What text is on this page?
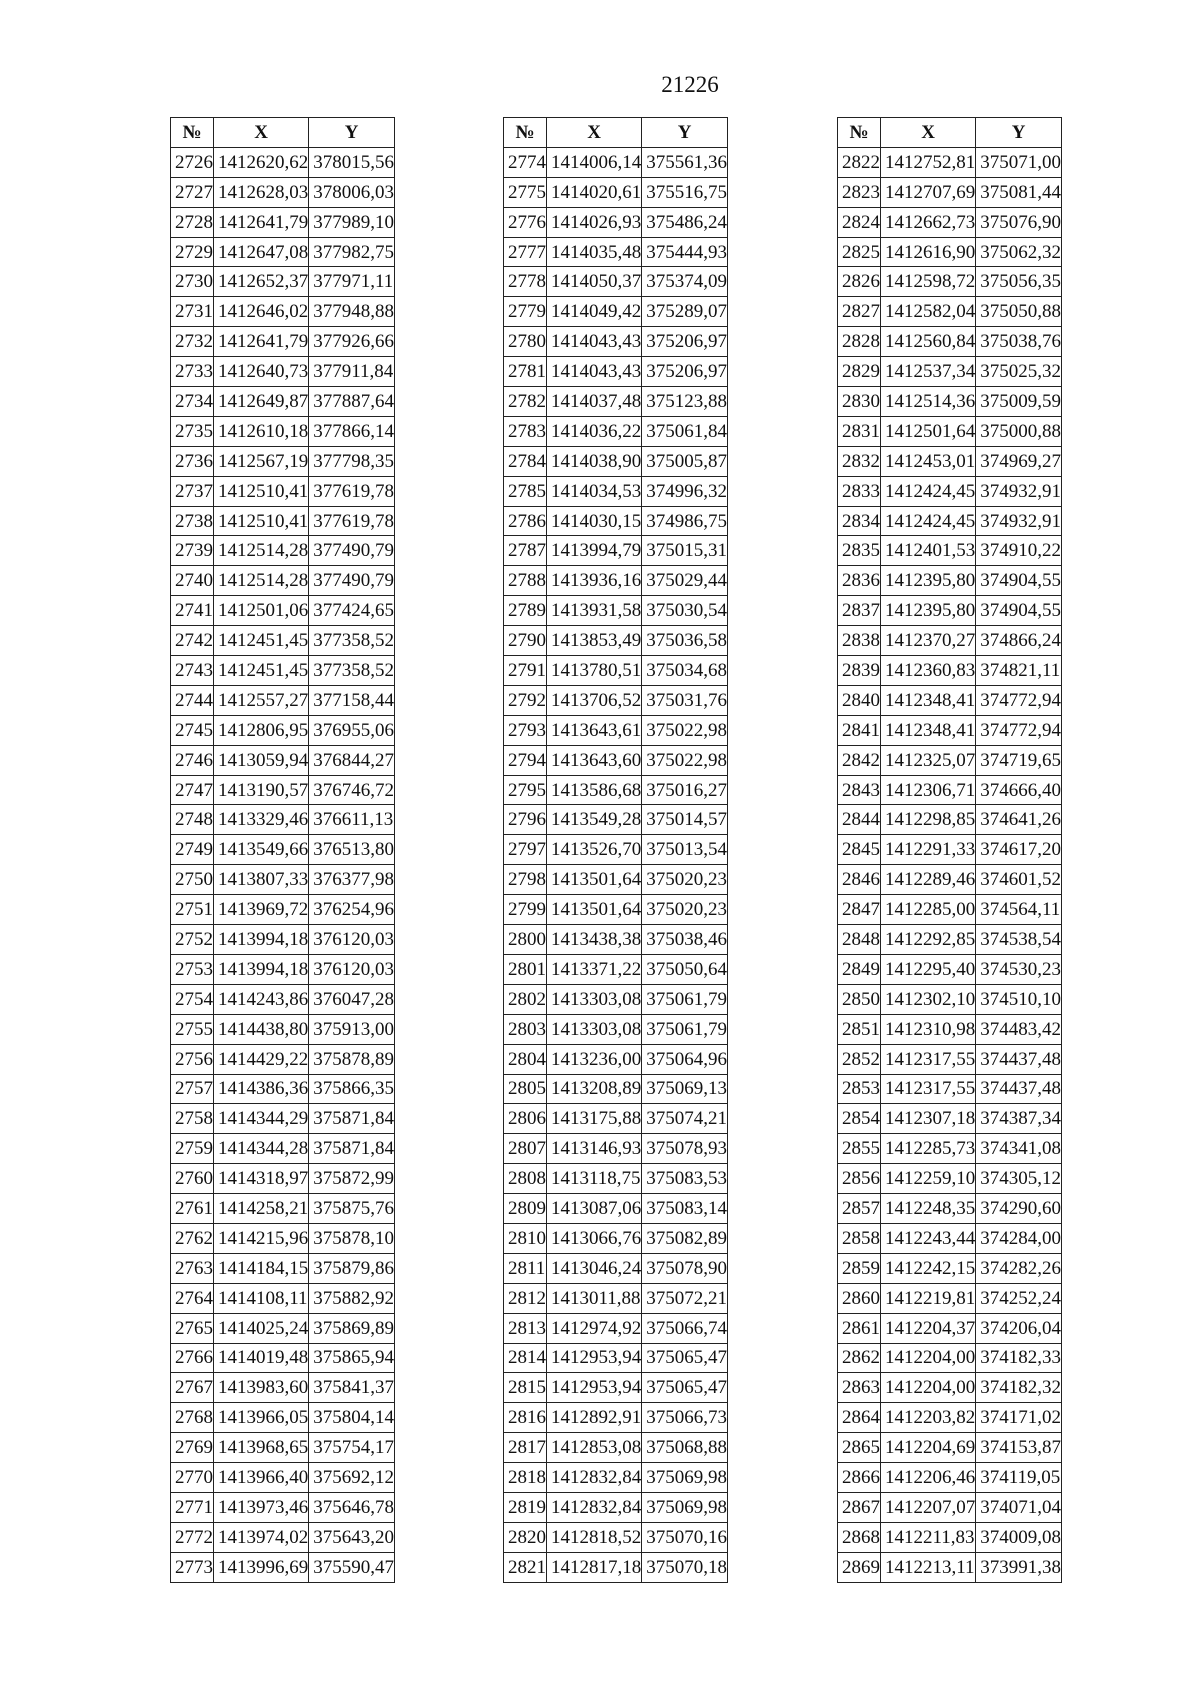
21226
№	X	Y
2726	1412620,62	378015,56
2727	1412628,03	378006,03
2728	1412641,79	377989,10
2729	1412647,08	377982,75
2730	1412652,37	377971,11
2731	1412646,02	377948,88
2732	1412641,79	377926,66
2733	1412640,73	377911,84
2734	1412649,87	377887,64
2735	1412610,18	377866,14
2736	1412567,19	377798,35
2737	1412510,41	377619,78
2738	1412510,41	377619,78
2739	1412514,28	377490,79
2740	1412514,28	377490,79
2741	1412501,06	377424,65
2742	1412451,45	377358,52
2743	1412451,45	377358,52
2744	1412557,27	377158,44
2745	1412806,95	376955,06
2746	1413059,94	376844,27
2747	1413190,57	376746,72
2748	1413329,46	376611,13
2749	1413549,66	376513,80
2750	1413807,33	376377,98
2751	1413969,72	376254,96
2752	1413994,18	376120,03
2753	1413994,18	376120,03
2754	1414243,86	376047,28
2755	1414438,80	375913,00
2756	1414429,22	375878,89
2757	1414386,36	375866,35
2758	1414344,29	375871,84
2759	1414344,28	375871,84
2760	1414318,97	375872,99
2761	1414258,21	375875,76
2762	1414215,96	375878,10
2763	1414184,15	375879,86
2764	1414108,11	375882,92
2765	1414025,24	375869,89
2766	1414019,48	375865,94
2767	1413983,60	375841,37
2768	1413966,05	375804,14
2769	1413968,65	375754,17
2770	1413966,40	375692,12
2771	1413973,46	375646,78
2772	1413974,02	375643,20
2773	1413996,69	375590,47
№	X	Y
2774	1414006,14	375561,36
2775	1414020,61	375516,75
2776	1414026,93	375486,24
2777	1414035,48	375444,93
2778	1414050,37	375374,09
2779	1414049,42	375289,07
2780	1414043,43	375206,97
2781	1414043,43	375206,97
2782	1414037,48	375123,88
2783	1414036,22	375061,84
2784	1414038,90	375005,87
2785	1414034,53	374996,32
2786	1414030,15	374986,75
2787	1413994,79	375015,31
2788	1413936,16	375029,44
2789	1413931,58	375030,54
2790	1413853,49	375036,58
2791	1413780,51	375034,68
2792	1413706,52	375031,76
2793	1413643,61	375022,98
2794	1413643,60	375022,98
2795	1413586,68	375016,27
2796	1413549,28	375014,57
2797	1413526,70	375013,54
2798	1413501,64	375020,23
2799	1413501,64	375020,23
2800	1413438,38	375038,46
2801	1413371,22	375050,64
2802	1413303,08	375061,79
2803	1413303,08	375061,79
2804	1413236,00	375064,96
2805	1413208,89	375069,13
2806	1413175,88	375074,21
2807	1413146,93	375078,93
2808	1413118,75	375083,53
2809	1413087,06	375083,14
2810	1413066,76	375082,89
2811	1413046,24	375078,90
2812	1413011,88	375072,21
2813	1412974,92	375066,74
2814	1412953,94	375065,47
2815	1412953,94	375065,47
2816	1412892,91	375066,73
2817	1412853,08	375068,88
2818	1412832,84	375069,98
2819	1412832,84	375069,98
2820	1412818,52	375070,16
2821	1412817,18	375070,18
№	X	Y
2822	1412752,81	375071,00
2823	1412707,69	375081,44
2824	1412662,73	375076,90
2825	1412616,90	375062,32
2826	1412598,72	375056,35
2827	1412582,04	375050,88
2828	1412560,84	375038,76
2829	1412537,34	375025,32
2830	1412514,36	375009,59
2831	1412501,64	375000,88
2832	1412453,01	374969,27
2833	1412424,45	374932,91
2834	1412424,45	374932,91
2835	1412401,53	374910,22
2836	1412395,80	374904,55
2837	1412395,80	374904,55
2838	1412370,27	374866,24
2839	1412360,83	374821,11
2840	1412348,41	374772,94
2841	1412348,41	374772,94
2842	1412325,07	374719,65
2843	1412306,71	374666,40
2844	1412298,85	374641,26
2845	1412291,33	374617,20
2846	1412289,46	374601,52
2847	1412285,00	374564,11
2848	1412292,85	374538,54
2849	1412295,40	374530,23
2850	1412302,10	374510,10
2851	1412310,98	374483,42
2852	1412317,55	374437,48
2853	1412317,55	374437,48
2854	1412307,18	374387,34
2855	1412285,73	374341,08
2856	1412259,10	374305,12
2857	1412248,35	374290,60
2858	1412243,44	374284,00
2859	1412242,15	374282,26
2860	1412219,81	374252,24
2861	1412204,37	374206,04
2862	1412204,00	374182,33
2863	1412204,00	374182,32
2864	1412203,82	374171,02
2865	1412204,69	374153,87
2866	1412206,46	374119,05
2867	1412207,07	374071,04
2868	1412211,83	374009,08
2869	1412213,11	373991,38
